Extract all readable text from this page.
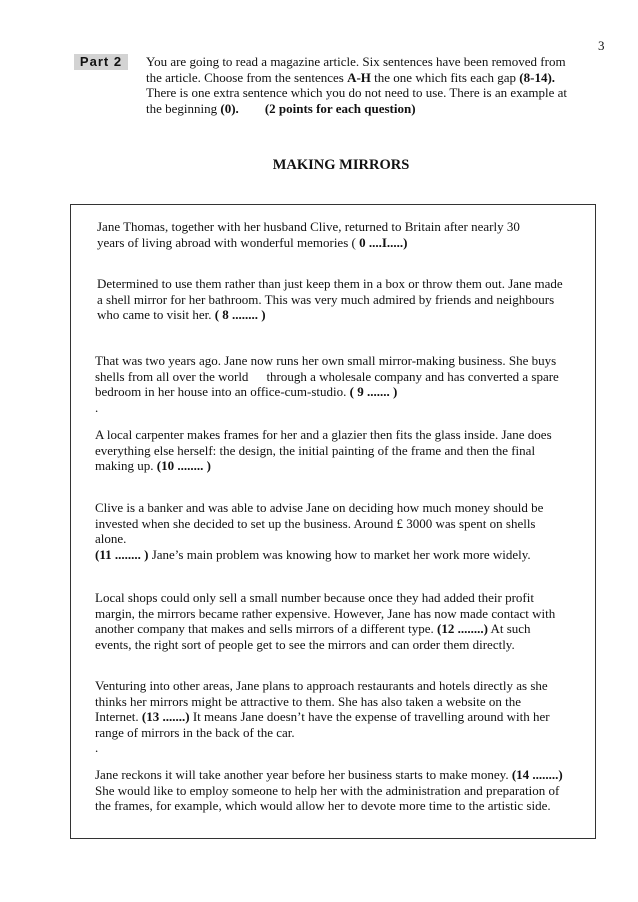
3
Part 2	You are going to read a magazine article. Six sentences have been removed from
the article. Choose from the sentences A-H the one which fits each gap (8-14).
There is one extra sentence which you do not need to use. There is an example at
the beginning (0). (2 points for each question)
MAKING MIRRORS

Jane Thomas, together with her husband Clive, returned to Britain after nearly 30
years of living abroad with wonderful memories ( 0 ....I.....)

Determined to use them rather than just keep them in a box or throw them out. Jane made
a shell mirror for her bathroom. This was very much admired by friends and neighbours
who came to visit her. ( 8 ........ )

That was two years ago. Jane now runs her own small mirror-making business. She buys
shells from all over the world through a wholesale company and has converted a spare
bedroom in her house into an office-cum-studio. ( 9 ....... )
.

A local carpenter makes frames for her and a glazier then fits the glass inside. Jane does
everything else herself: the design, the initial painting of the frame and then the final
making up. (10 ........ )

Clive is a banker and was able to advise Jane on deciding how much money should be
invested when she decided to set up the business. Around £ 3000 was spent on shells
alone.
(11 ........ ) Jane’s main problem was knowing how to market her work more widely.

Local shops could only sell a small number because once they had added their profit
margin, the mirrors became rather expensive. However, Jane has now made contact with
another company that makes and sells mirrors of a different type. (12 ........) At such
events, the right sort of people get to see the mirrors and can order them directly.

Venturing into other areas, Jane plans to approach restaurants and hotels directly as she
thinks her mirrors might be attractive to them. She has also taken a website on the
Internet. (13 .......) It means Jane doesn’t have the expense of travelling around with her
range of mirrors in the back of the car.
.

Jane reckons it will take another year before her business starts to make money. (14 ........)
She would like to employ someone to help her with the administration and preparation of
the frames, for example, which would allow her to devote more time to the artistic side.
